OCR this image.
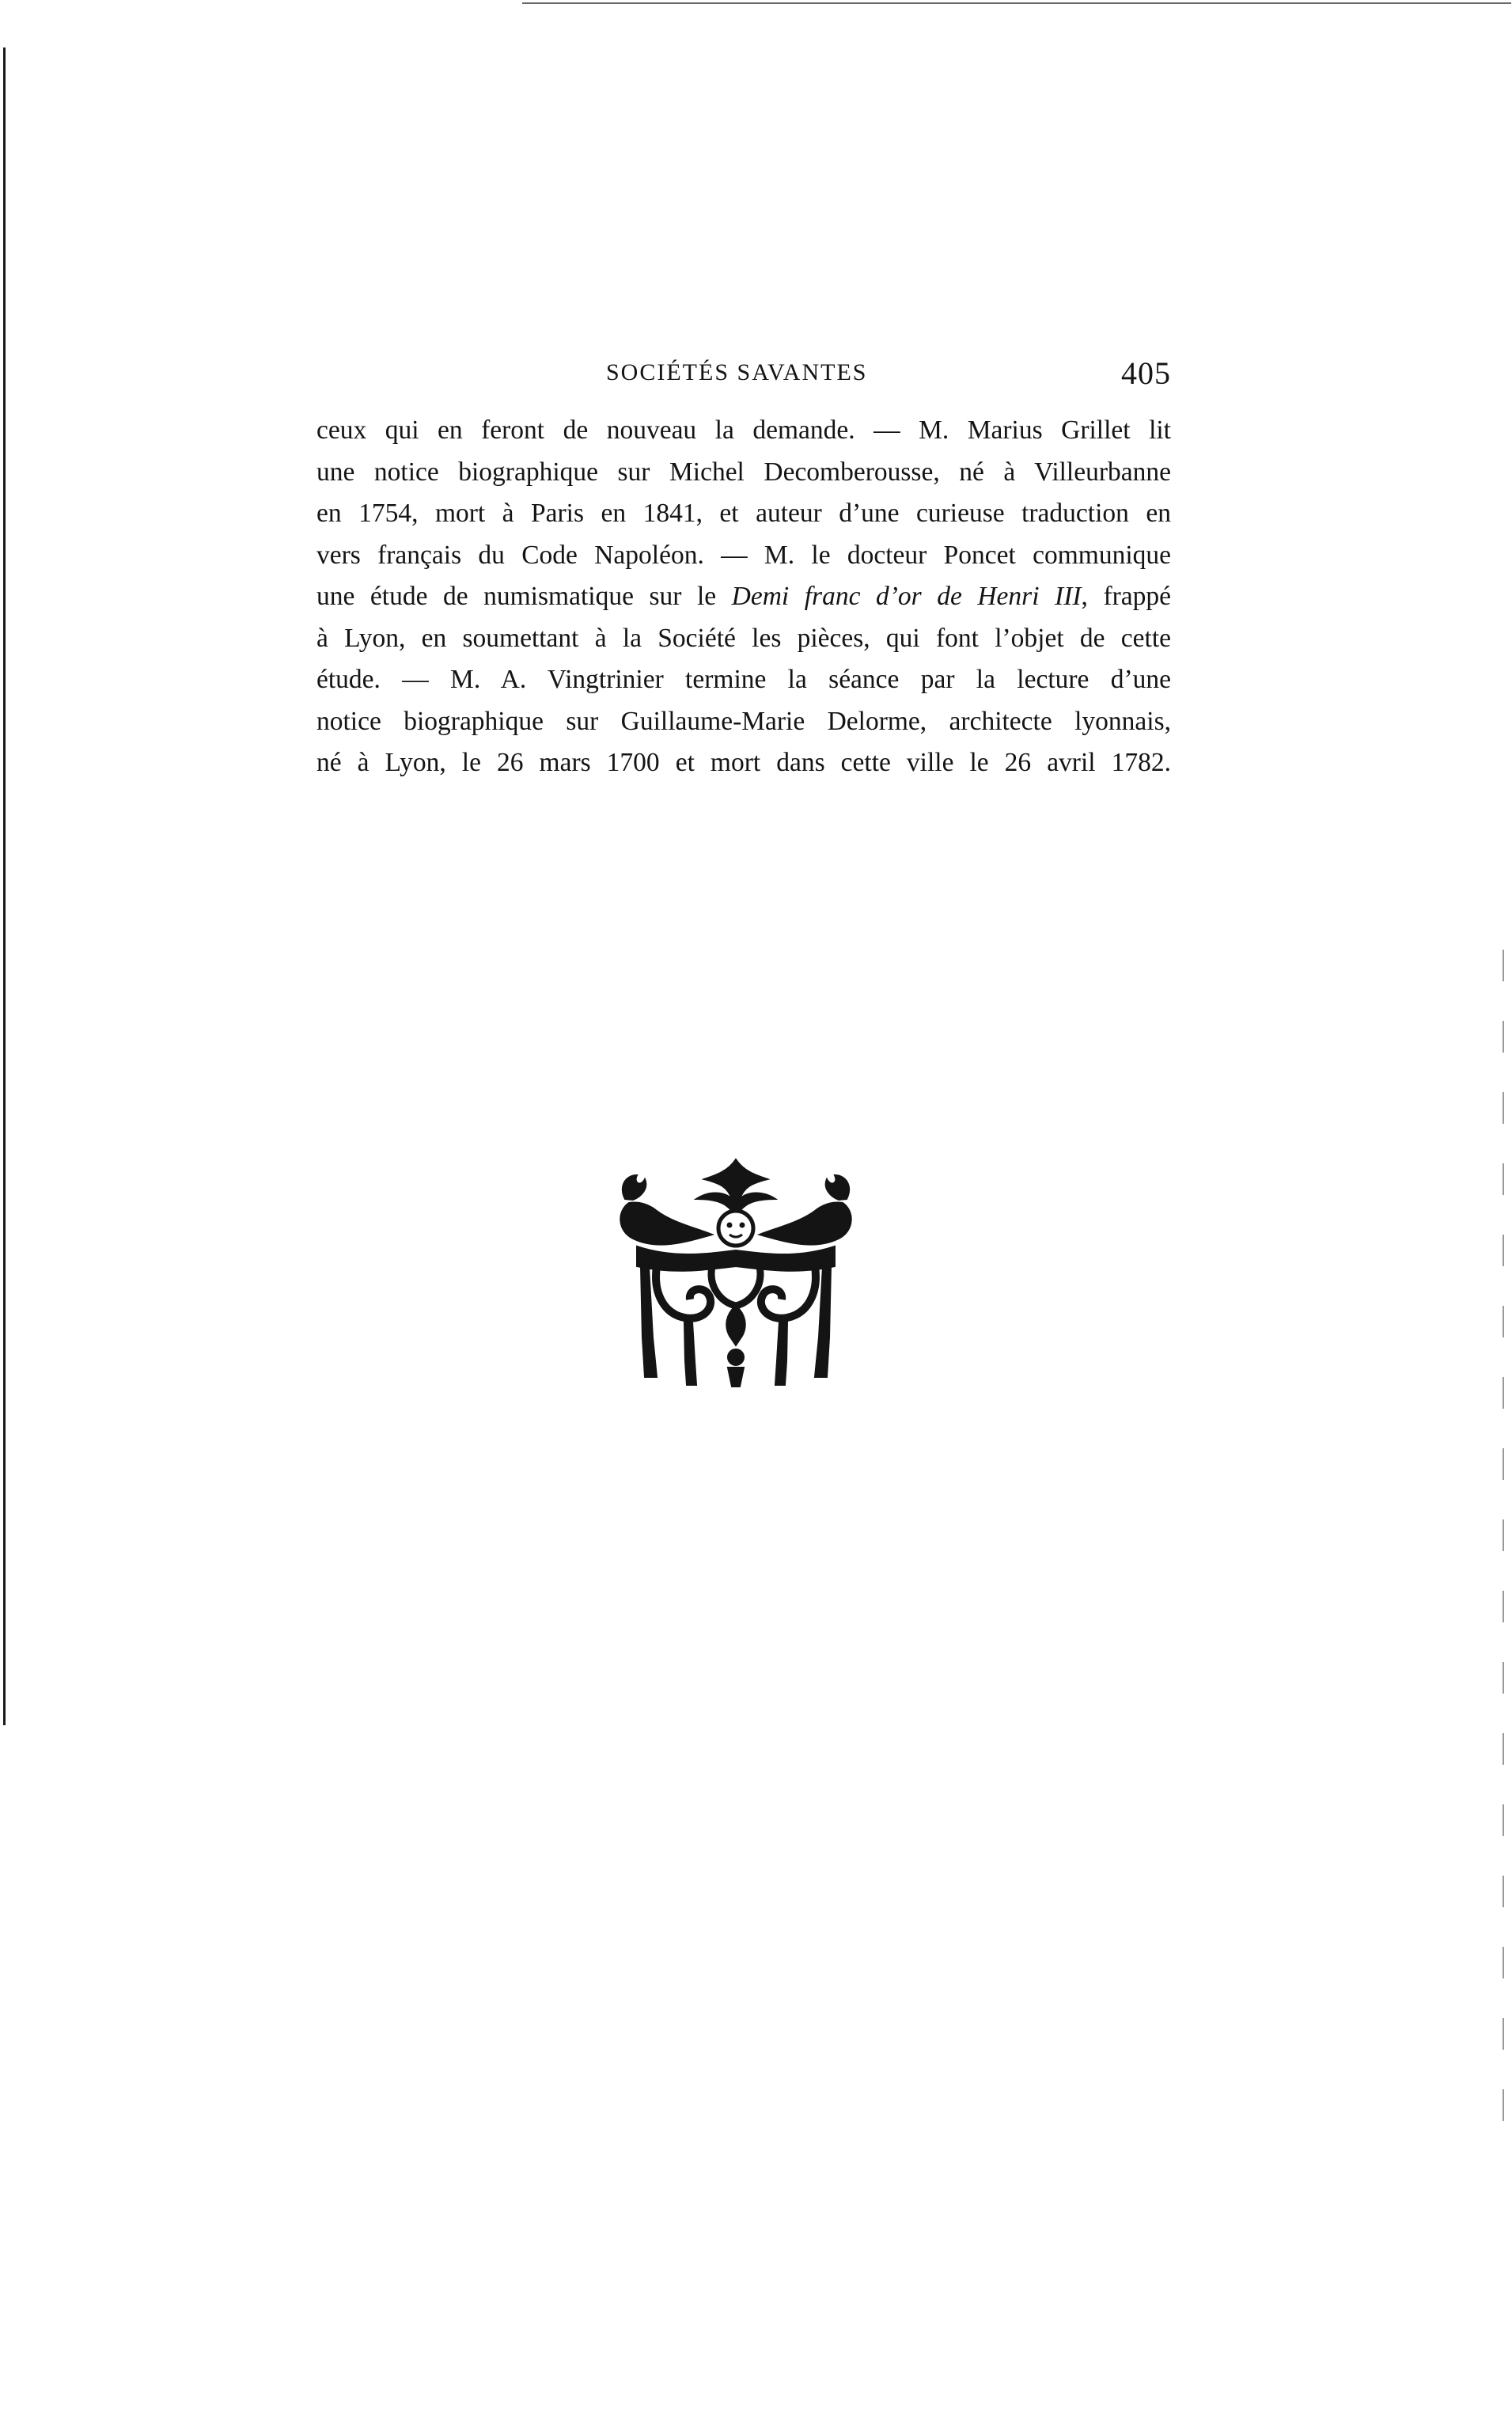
SOCIÉTÉS SAVANTES	405
ceux qui en feront de nouveau la demande. — M. Marius Grillet lit
une notice biographique sur Michel Decomberousse, né à Villeurbanne
en 1754, mort à Paris en 1841, et auteur d’une curieuse traduction en
vers français du Code Napoléon. — M. le docteur Poncet communique
une étude de numismatique sur le Demi franc d’or de Henri III, frappé
à Lyon, en soumettant à la Société les pièces, qui font l’objet de cette
étude. — M. A. Vingtrinier termine la séance par la lecture d’une
notice biographique sur Guillaume-Marie Delorme, architecte lyonnais,
né à Lyon, le 26 mars 1700 et mort dans cette ville le 26 avril 1782.
